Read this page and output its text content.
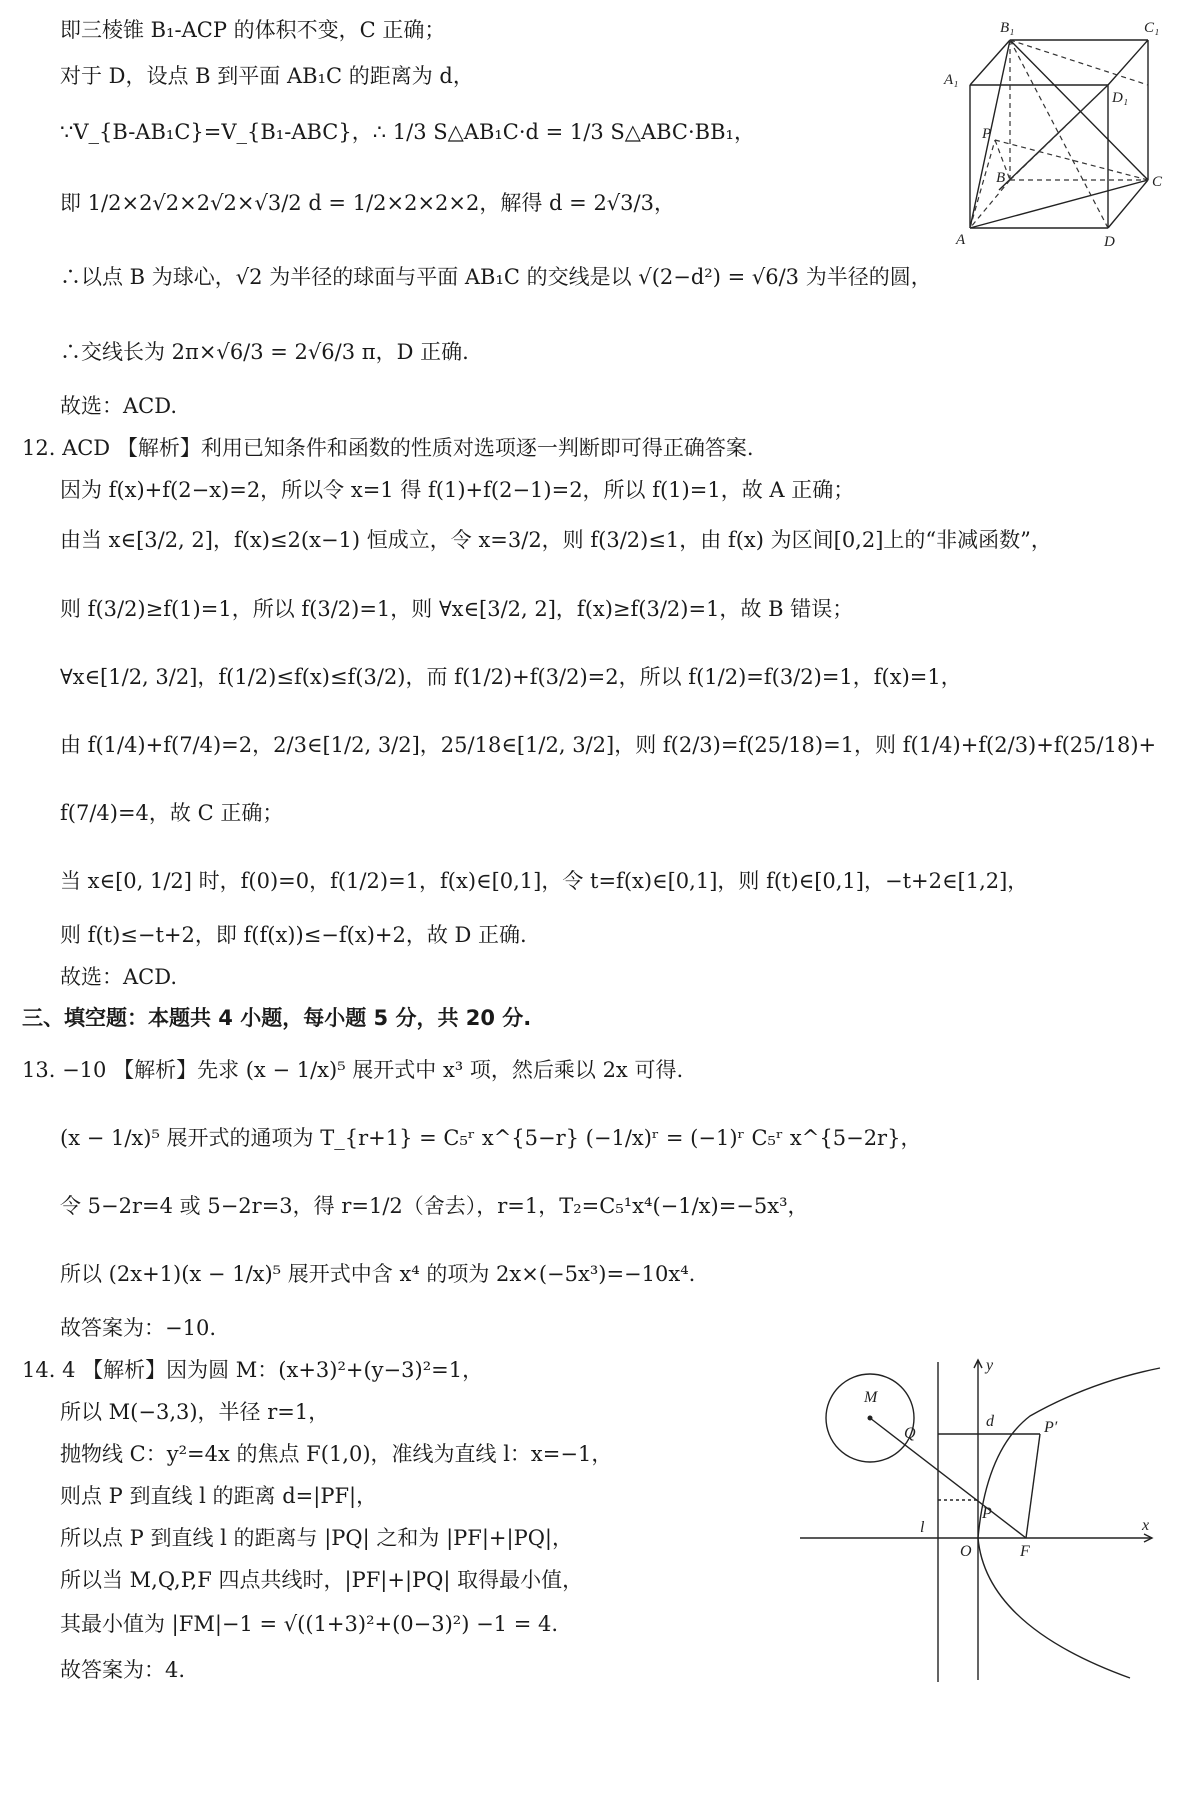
即三棱锥 B₁-ACP 的体积不变，C 正确；
对于 D，设点 B 到平面 AB₁C 的距离为 d，
∵V_{B-AB₁C}=V_{B₁-ABC}，∴ 1/3 S△AB₁C·d = 1/3 S△ABC·BB₁，
即 1/2×2√2×2√2×√3/2 d = 1/2×2×2×2，解得 d = 2√3/3，
∴以点 B 为球心，√2 为半径的球面与平面 AB₁C 的交线是以 √(2−d²) = √6/3 为半径的圆，
∴交线长为 2π×√6/3 = 2√6/3 π，D 正确.
故选：ACD.
12. ACD 【解析】利用已知条件和函数的性质对选项逐一判断即可得正确答案.
因为 f(x)+f(2−x)=2，所以令 x=1 得 f(1)+f(2−1)=2，所以 f(1)=1，故 A 正确；
由当 x∈[3/2, 2]，f(x)≤2(x−1) 恒成立，令 x=3/2，则 f(3/2)≤1，由 f(x) 为区间[0,2]上的“非减函数”，
则 f(3/2)≥f(1)=1，所以 f(3/2)=1，则 ∀x∈[3/2, 2]，f(x)≥f(3/2)=1，故 B 错误；
∀x∈[1/2, 3/2]，f(1/2)≤f(x)≤f(3/2)，而 f(1/2)+f(3/2)=2，所以 f(1/2)=f(3/2)=1，f(x)=1，
由 f(1/4)+f(7/4)=2，2/3∈[1/2, 3/2]，25/18∈[1/2, 3/2]，则 f(2/3)=f(25/18)=1，则 f(1/4)+f(2/3)+f(25/18)+
f(7/4)=4，故 C 正确；
当 x∈[0, 1/2] 时，f(0)=0，f(1/2)=1，f(x)∈[0,1]，令 t=f(x)∈[0,1]，则 f(t)∈[0,1]，−t+2∈[1,2]，
则 f(t)≤−t+2，即 f(f(x))≤−f(x)+2，故 D 正确.
故选：ACD.
三、填空题：本题共 4 小题，每小题 5 分，共 20 分.
13. −10 【解析】先求 (x − 1/x)⁵ 展开式中 x³ 项，然后乘以 2x 可得.
(x − 1/x)⁵ 展开式的通项为 T_{r+1} = C₅ʳ x^{5−r} (−1/x)ʳ = (−1)ʳ C₅ʳ x^{5−2r}，
令 5−2r=4 或 5−2r=3，得 r=1/2（舍去），r=1，T₂=C₅¹x⁴(−1/x)=−5x³，
所以 (2x+1)(x − 1/x)⁵ 展开式中含 x⁴ 的项为 2x×(−5x³)=−10x⁴.
故答案为：−10.
14. 4 【解析】因为圆 M：(x+3)²+(y−3)²=1，
所以 M(−3,3)，半径 r=1，
抛物线 C：y²=4x 的焦点 F(1,0)，准线为直线 l：x=−1，
则点 P 到直线 l 的距离 d=|PF|，
所以点 P 到直线 l 的距离与 |PQ| 之和为 |PF|+|PQ|，
所以当 M,Q,P,F 四点共线时，|PF|+|PQ| 取得最小值，
其最小值为 |FM|−1 = √((1+3)²+(0−3)²) −1 = 4.
故答案为：4.
B₁	C₁
A₁
D₁
P
B	C
A	D
M
Q
d	P′
P
l
O	F
x
y
